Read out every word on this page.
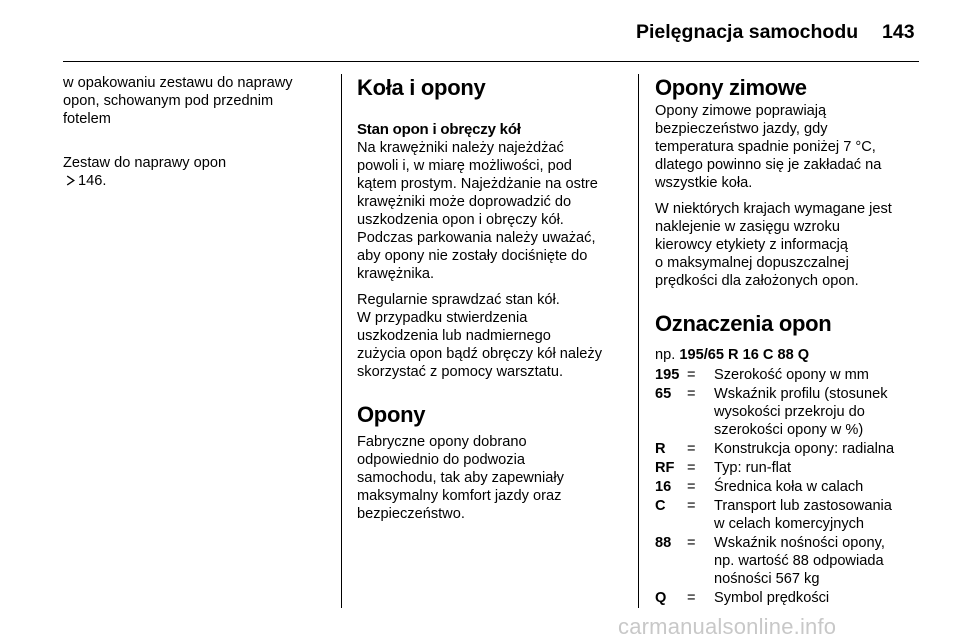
Pielęgnacja samochodu 143

w opakowaniu zestawu do naprawy
opon, schowanym pod przednim
fotelem

Zestaw do naprawy opon
146.

Koła i opony
Stan opon i obręczy kół

Na krawężniki należy najeżdżać
powoli i, w miarę możliwości, pod
kątem prostym. Najeżdżanie na ostre
krawężniki może doprowadzić do
uszkodzenia opon i obręczy kół.
Podczas parkowania należy uważać,
aby opony nie zostały dociśnięte do
krawężnika.

Regularnie sprawdzać stan kół.
W przypadku stwierdzenia
uszkodzenia lub nadmiernego
zużycia opon bądź obręczy kół należy
skorzystać z pomocy warsztatu.

Opony

Fabryczne opony dobrano
odpowiednio do podwozia
samochodu, tak aby zapewniały
maksymalny komfort jazdy oraz
bezpieczeństwo.

Opony zimowe

Opony zimowe poprawiają
bezpieczeństwo jazdy, gdy
temperatura spadnie poniżej 7 °C,
dlatego powinno się je zakładać na
wszystkie koła.

W niektórych krajach wymagane jest
naklejenie w zasięgu wzroku
kierowcy etykiety z informacją
o maksymalnej dopuszczalnej
prędkości dla założonych opon.

Oznaczenia opon
np. 195/65 R 16 C 88 Q
195 =	Szerokość opony w mm
65	=	Wskaźnik profilu (stosunek
wysokości przekroju do
szerokości opony w %)
R	=	Konstrukcja opony: radialna
RF =	Typ: run-flat
16	=	Średnica koła w calach
C	=	Transport lub zastosowania
w celach komercyjnych
88	=	Wskaźnik nośności opony,
np. wartość 88 odpowiada
nośności 567 kg
Q	=	Symbol prędkości
carmanualsonline.info
